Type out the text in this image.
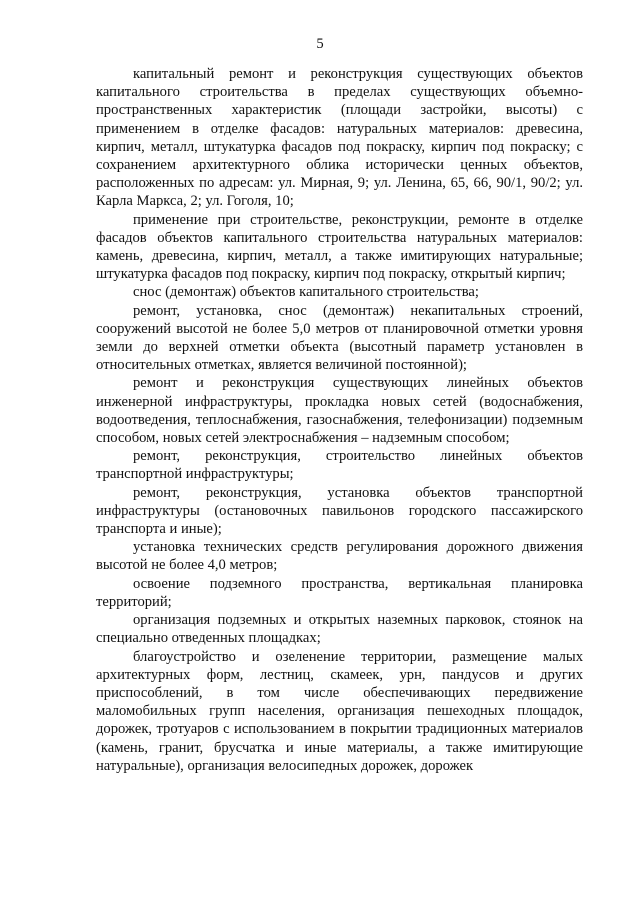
5

капитальный ремонт и реконструкция существующих объектов капитального строительства в пределах существующих объемно-пространственных характеристик (площади застройки, высоты) с применением в отделке фасадов: натуральных материалов: древесина, кирпич, металл, штукатурка фасадов под покраску, кирпич под покраску; с сохранением архитектурного облика исторически ценных объектов, расположенных по адресам: ул. Мирная, 9; ул. Ленина, 65, 66, 90/1, 90/2; ул. Карла Маркса, 2; ул. Гоголя, 10;

применение при строительстве, реконструкции, ремонте в отделке фасадов объектов капитального строительства натуральных материалов: камень, древесина, кирпич, металл, а также имитирующих натуральные; штукатурка фасадов под покраску, кирпич под покраску, открытый кирпич;

снос (демонтаж) объектов капитального строительства;

ремонт, установка, снос (демонтаж) некапитальных строений, сооружений высотой не более 5,0 метров от планировочной отметки уровня земли до верхней отметки объекта (высотный параметр установлен в относительных отметках, является величиной постоянной);

ремонт и реконструкция существующих линейных объектов инженерной инфраструктуры, прокладка новых сетей (водоснабжения, водоотведения, теплоснабжения, газоснабжения, телефонизации) подземным способом, новых сетей электроснабжения – надземным способом;

ремонт, реконструкция, строительство линейных объектов транспортной инфраструктуры;

ремонт, реконструкция, установка объектов транспортной инфраструктуры (остановочных павильонов городского пассажирского транспорта и иные);

установка технических средств регулирования дорожного движения высотой не более 4,0 метров;

освоение подземного пространства, вертикальная планировка территорий;

организация подземных и открытых наземных парковок, стоянок на специально отведенных площадках;

благоустройство и озеленение территории, размещение малых архитектурных форм, лестниц, скамеек, урн, пандусов и других приспособлений, в том числе обеспечивающих передвижение маломобильных групп населения, организация пешеходных площадок, дорожек, тротуаров с использованием в покрытии традиционных материалов (камень, гранит, брусчатка и иные материалы, а также имитирующие натуральные), организация велосипедных дорожек, дорожек
